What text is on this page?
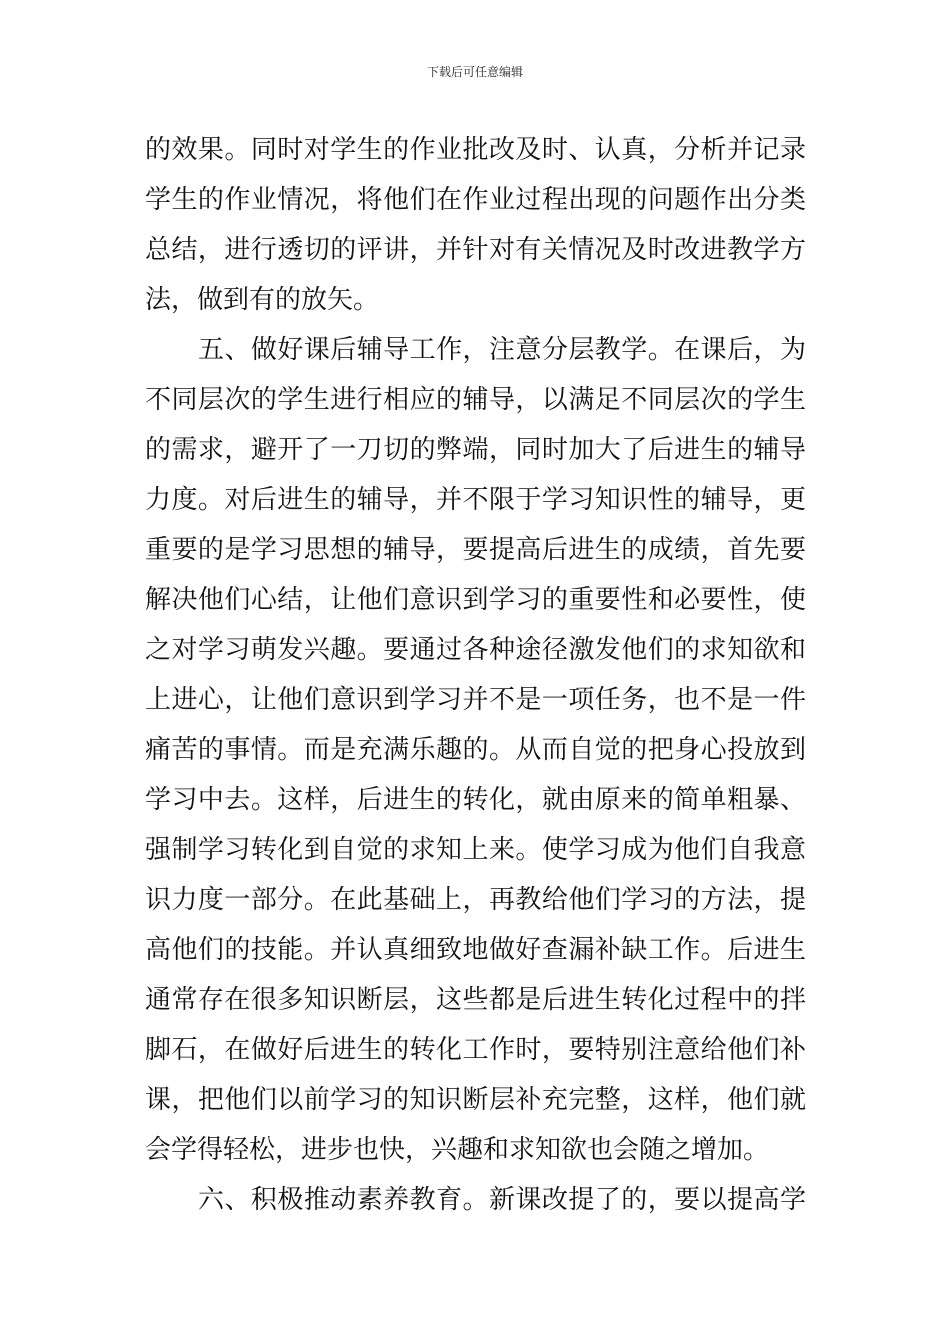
下载后可任意编辑
的效果。同时对学生的作业批改及时、认真，分析并记录
学生的作业情况，将他们在作业过程出现的问题作出分类
总结，进行透切的评讲，并针对有关情况及时改进教学方
法，做到有的放矢。
五、做好课后辅导工作，注意分层教学。在课后，为
不同层次的学生进行相应的辅导，以满足不同层次的学生
的需求，避开了一刀切的弊端，同时加大了后进生的辅导
力度。对后进生的辅导，并不限于学习知识性的辅导，更
重要的是学习思想的辅导，要提高后进生的成绩，首先要
解决他们心结，让他们意识到学习的重要性和必要性，使
之对学习萌发兴趣。要通过各种途径激发他们的求知欲和
上进心，让他们意识到学习并不是一项任务，也不是一件
痛苦的事情。而是充满乐趣的。从而自觉的把身心投放到
学习中去。这样，后进生的转化，就由原来的简单粗暴、
强制学习转化到自觉的求知上来。使学习成为他们自我意
识力度一部分。在此基础上，再教给他们学习的方法，提
高他们的技能。并认真细致地做好查漏补缺工作。后进生
通常存在很多知识断层，这些都是后进生转化过程中的拌
脚石，在做好后进生的转化工作时，要特别注意给他们补
课，把他们以前学习的知识断层补充完整，这样，他们就
会学得轻松，进步也快，兴趣和求知欲也会随之增加。
六、积极推动素养教育。新课改提了的，要以提高学
